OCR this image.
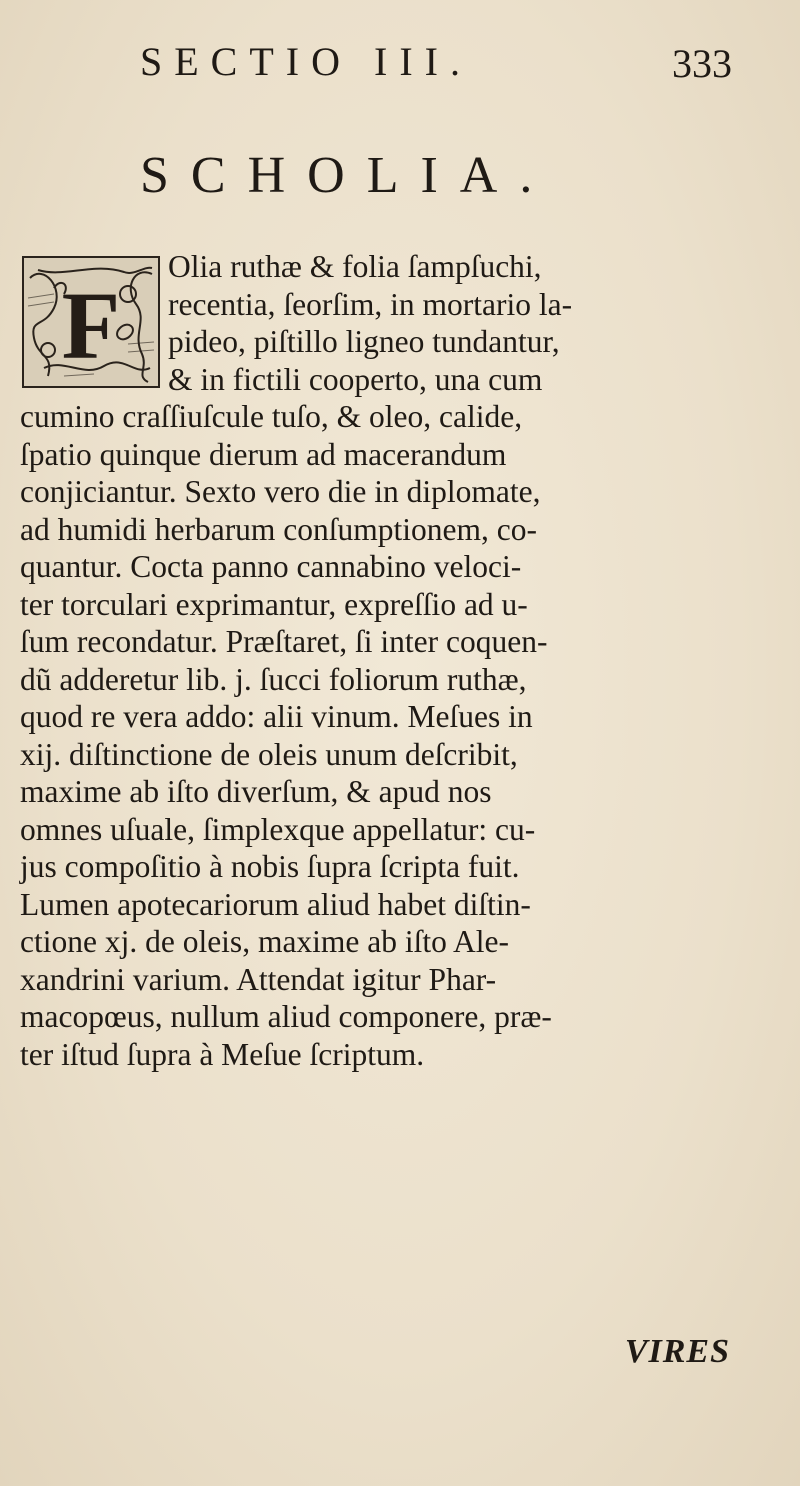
SECTIO III.	333
SCHOLIA.
F
Olia ruthæ & folia ſampſuchi,
recentia, ſeorſim, in mortario la-
pideo, piſtillo ligneo tundantur,
& in fictili cooperto, una cum
cumino craſſiuſcule tuſo, & oleo, calide,
ſpatio quinque dierum ad macerandum
conjiciantur. Sexto vero die in diplomate,
ad humidi herbarum conſumptionem, co-
quantur. Cocta panno cannabino veloci-
ter torculari exprimantur, expreſſio ad u-
ſum recondatur. Præſtaret, ſi inter coquen-
dũ adderetur lib. j. ſucci foliorum ruthæ,
quod re vera addo: alii vinum. Meſues in
xij. diſtinctione de oleis unum deſcribit,
maxime ab iſto diverſum, & apud nos
omnes uſuale, ſimplexque appellatur: cu-
jus compoſitio à nobis ſupra ſcripta fuit.
Lumen apotecariorum aliud habet diſtin-
ctione xj. de oleis, maxime ab iſto Ale-
xandrini varium. Attendat igitur Phar-
macopœus, nullum aliud componere, præ-
ter iſtud ſupra à Meſue ſcriptum.
VIRES
